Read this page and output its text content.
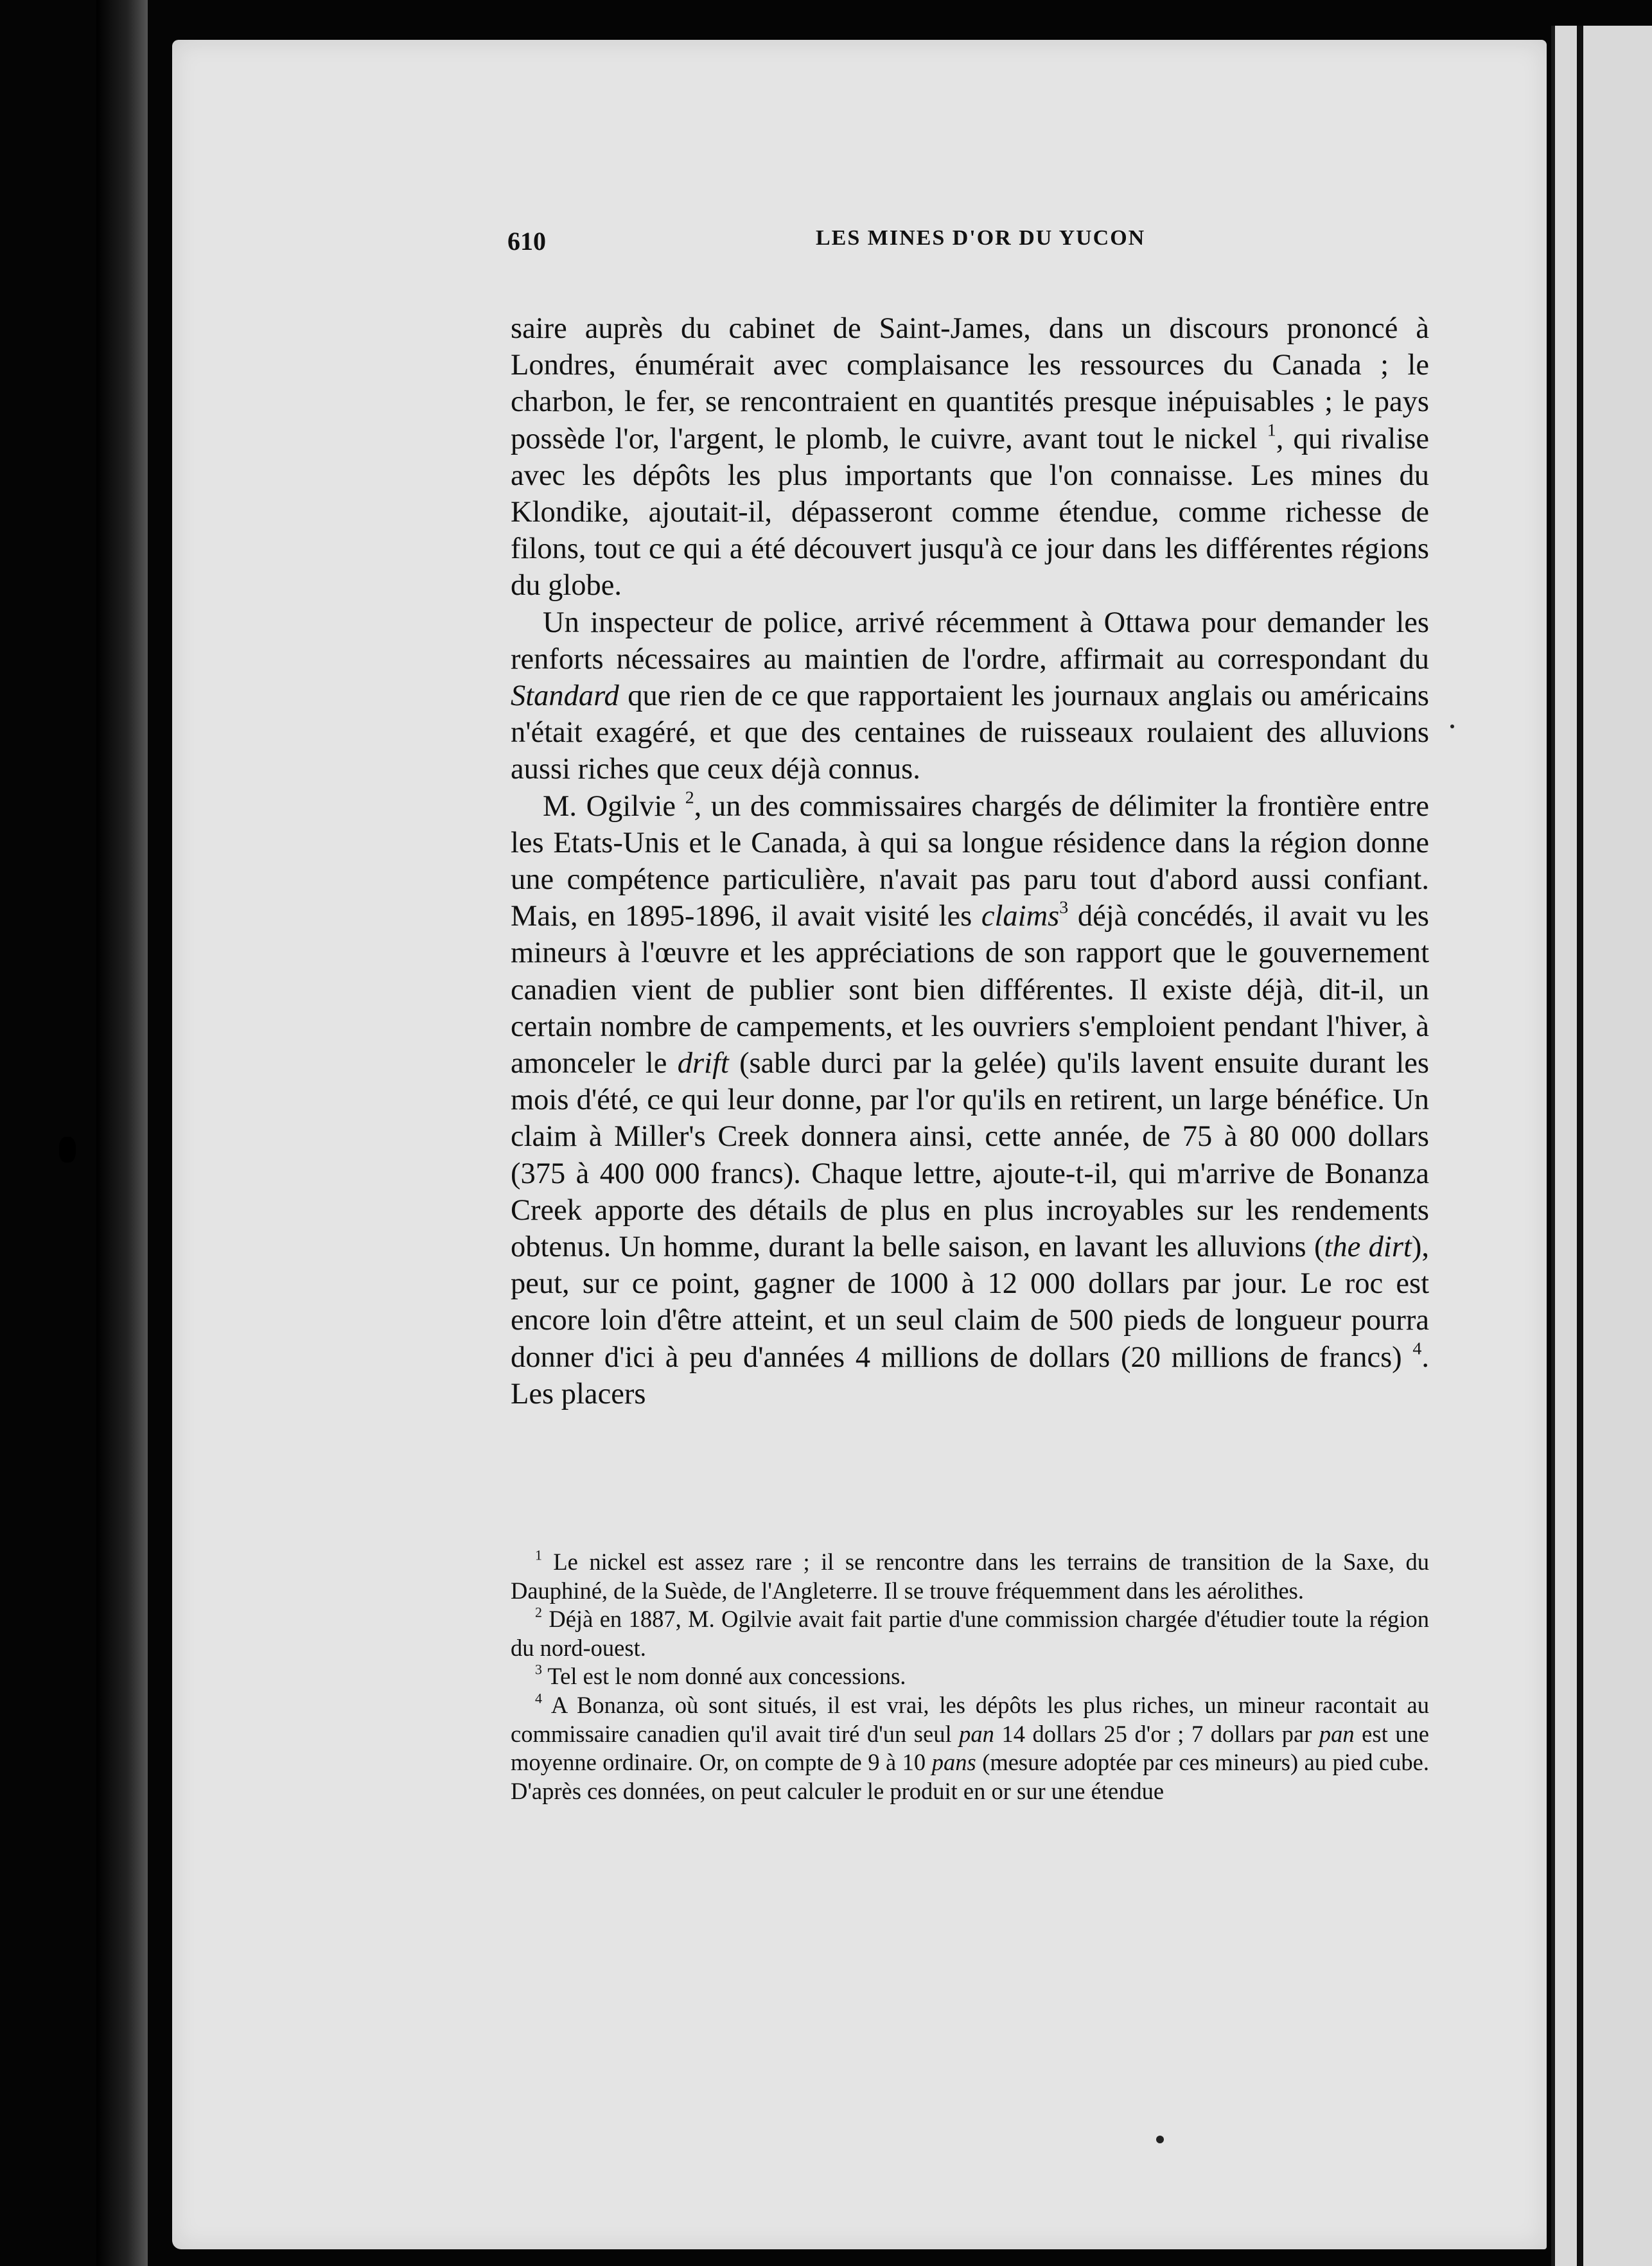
610	LES MINES D'OR DU YUCON

saire auprès du cabinet de Saint-James, dans un discours prononcé à Londres, énumérait avec complaisance les ressources du Canada ; le charbon, le fer, se rencontraient en quantités presque inépuisables ; le pays possède l'or, l'argent, le plomb, le cuivre, avant tout le nickel $^1$, qui rivalise avec les dépôts les plus importants que l'on connaisse. Les mines du Klondike, ajoutait-il, dépasseront comme étendue, comme richesse de filons, tout ce qui a été découvert jusqu'à ce jour dans les différentes régions du globe.

Un inspecteur de police, arrivé récemment à Ottawa pour demander les renforts nécessaires au maintien de l'ordre, affirmait au correspondant du Standard que rien de ce que rapportaient les journaux anglais ou américains n'était exagéré, et que des centaines de ruisseaux roulaient des alluvions aussi riches que ceux déjà connus.

M. Ogilvie $^2$, un des commissaires chargés de délimiter la frontière entre les Etats-Unis et le Canada, à qui sa longue résidence dans la région donne une compétence particulière, n'avait pas paru tout d'abord aussi confiant. Mais, en 1895-1896, il avait visité les claims$^3$ déjà concédés, il avait vu les mineurs à l'œuvre et les appréciations de son rapport que le gouvernement canadien vient de publier sont bien différentes. Il existe déjà, dit-il, un certain nombre de campements, et les ouvriers s'emploient pendant l'hiver, à amonceler le drift (sable durci par la gelée) qu'ils lavent ensuite durant les mois d'été, ce qui leur donne, par l'or qu'ils en retirent, un large bénéfice. Un claim à Miller's Creek donnera ainsi, cette année, de 75 à 80 000 dollars (375 à 400 000 francs). Chaque lettre, ajoute-t-il, qui m'arrive de Bonanza Creek apporte des détails de plus en plus incroyables sur les rendements obtenus. Un homme, durant la belle saison, en lavant les alluvions (the dirt), peut, sur ce point, gagner de 1000 à 12 000 dollars par jour. Le roc est encore loin d'être atteint, et un seul claim de 500 pieds de longueur pourra donner d'ici à peu d'années 4 millions de dollars (20 millions de francs) $^4$. Les placers

$^1$ Le nickel est assez rare ; il se rencontre dans les terrains de transition de la Saxe, du Dauphiné, de la Suède, de l'Angleterre. Il se trouve fréquemment dans les aérolithes.

$^2$ Déjà en 1887, M. Ogilvie avait fait partie d'une commission chargée d'étudier toute la région du nord-ouest.

$^3$ Tel est le nom donné aux concessions.

$^4$ A Bonanza, où sont situés, il est vrai, les dépôts les plus riches, un mineur racontait au commissaire canadien qu'il avait tiré d'un seul pan 14 dollars 25 d'or ; 7 dollars par pan est une moyenne ordinaire. Or, on compte de 9 à 10 pans (mesure adoptée par ces mineurs) au pied cube. D'après ces données, on peut calculer le produit en or sur une étendue
